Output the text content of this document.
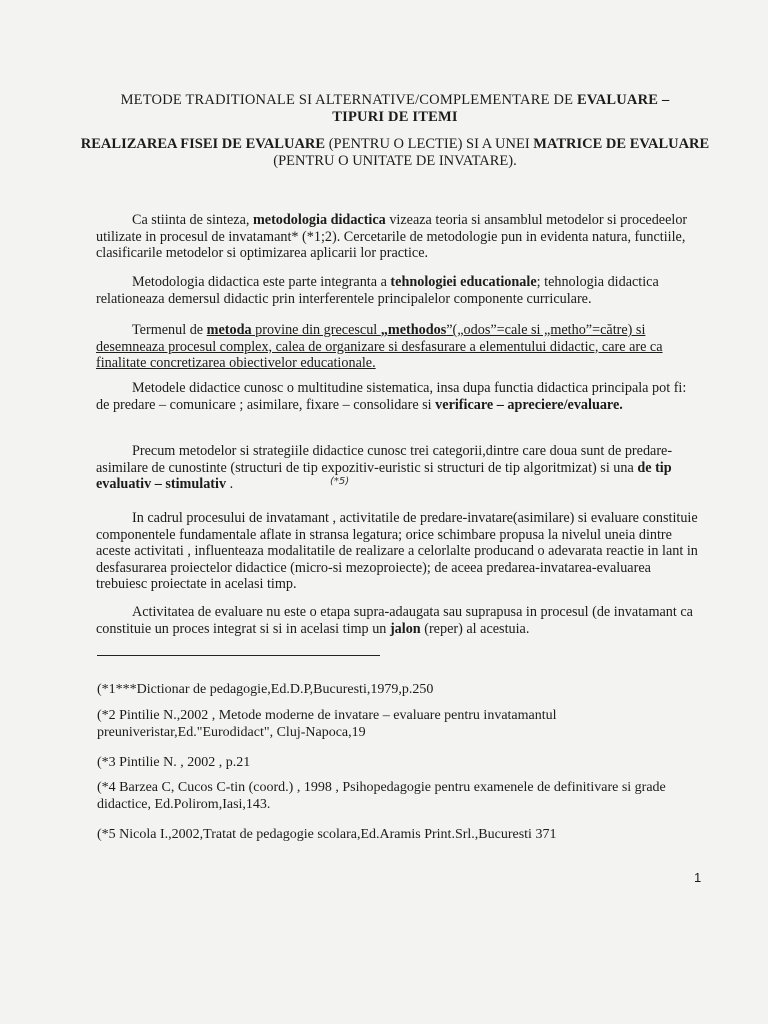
METODE TRADITIONALE SI ALTERNATIVE/COMPLEMENTARE DE EVALUARE –
TIPURI DE ITEMI
REALIZAREA FISEI DE EVALUARE (PENTRU O LECTIE) SI A UNEI MATRICE DE EVALUARE (PENTRU O UNITATE DE INVATARE).
Ca stiinta de sinteza, metodologia didactica vizeaza teoria si ansamblul metodelor si procedeelor utilizate in procesul de invatamant* (*1;2). Cercetarile de metodologie pun in evidenta natura, functiile, clasificarile metodelor si optimizarea aplicarii lor practice.
Metodologia didactica este parte integranta a tehnologiei educationale; tehnologia didactica relationeaza demersul didactic prin interferentele principalelor componente curriculare.
Termenul de metoda provine din grecescul „methodos”(„odos”=cale si „metho”=către) si desemneaza procesul complex, calea de organizare si desfasurare a elementului didactic, care are ca finalitate concretizarea obiectivelor educationale.
Metodele didactice cunosc o multitudine sistematica, insa dupa functia didactica principala pot fi: de predare – comunicare ; asimilare, fixare – consolidare si verificare – apreciere/evaluare.
Precum metodelor si strategiile didactice cunosc trei categorii,dintre care doua sunt de predare-asimilare de cunostinte (structuri de tip expozitiv-euristic si structuri de tip algoritmizat) si una de tip evaluativ – stimulativ .	(*5)
In cadrul procesului de invatamant , activitatile de predare-invatare(asimilare) si evaluare constituie componentele fundamentale aflate in stransa legatura; orice schimbare propusa la nivelul uneia dintre aceste activitati , influenteaza modalitatile de realizare a celorlalte producand o adevarata reactie in lant in desfasurarea proiectelor didactice (micro-si mezoproiecte); de aceea predarea-invatarea-evaluarea trebuiesc proiectate in acelasi timp.
Activitatea de evaluare nu este o etapa supra-adaugata sau suprapusa in procesul (de invatamant ca constituie un proces integrat si si in acelasi timp un jalon (reper) al acestuia.
(*1***Dictionar de pedagogie,Ed.D.P,Bucuresti,1979,p.250
(*2 Pintilie N.,2002 , Metode moderne de invatare – evaluare pentru invatamantul preuniveristar,Ed."Eurodidact", Cluj-Napoca,19
(*3 Pintilie N. , 2002 , p.21
(*4 Barzea C, Cucos C-tin (coord.) , 1998 , Psihopedagogie pentru examenele de definitivare si grade didactice, Ed.Polirom,Iasi,143.
(*5 Nicola I.,2002,Tratat de pedagogie scolara,Ed.Aramis Print.Srl.,Bucuresti 371
1
